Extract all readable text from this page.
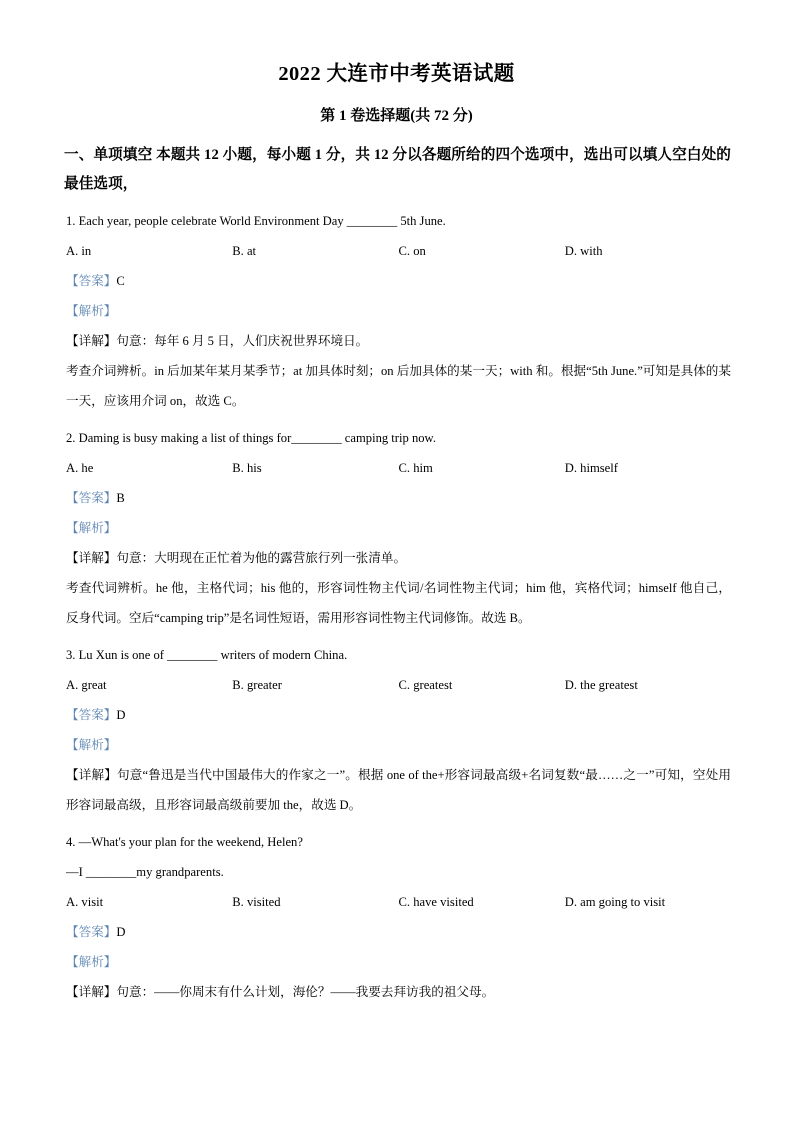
2022 大连市中考英语试题
第 1 卷选择题(共 72 分)

一、单项填空 本题共 12 小题，每小题 1 分，共 12 分以各题所给的四个选项中，选出可以填人空白处的最佳选项，

1. Each year, people celebrate World Environment Day ________ 5th June.

A. in	B. at	C. on	D. with

【答案】C

【解析】

【详解】句意：每年 6 月 5 日，人们庆祝世界环境日。

考查介词辨析。in 后加某年某月某季节；at 加具体时刻；on 后加具体的某一天；with 和。根据“5th June.”可知是具体的某一天，应该用介词 on，故选 C。

2. Daming is busy making a list of things for________ camping trip now.

A. he	B. his	C. him	D. himself

【答案】B

【解析】

【详解】句意：大明现在正忙着为他的露营旅行列一张清单。

考查代词辨析。he 他，主格代词；his 他的，形容词性物主代词/名词性物主代词；him 他，宾格代词；himself 他自己，反身代词。空后“camping trip”是名词性短语，需用形容词性物主代词修饰。故选 B。

3. Lu Xun is one of ________ writers of modern China.

A. great	B. greater	C. greatest	D. the greatest

【答案】D

【解析】

【详解】句意“鲁迅是当代中国最伟大的作家之一”。根据 one of the+形容词最高级+名词复数“最……之一”可知，空处用形容词最高级，且形容词最高级前要加 the，故选 D。

4. ―What's your plan for the weekend, Helen?

―I ________my grandparents.

A. visit	B. visited	C. have visited	D. am going to visit

【答案】D

【解析】

【详解】句意：——你周末有什么计划，海伦？——我要去拜访我的祖父母。
